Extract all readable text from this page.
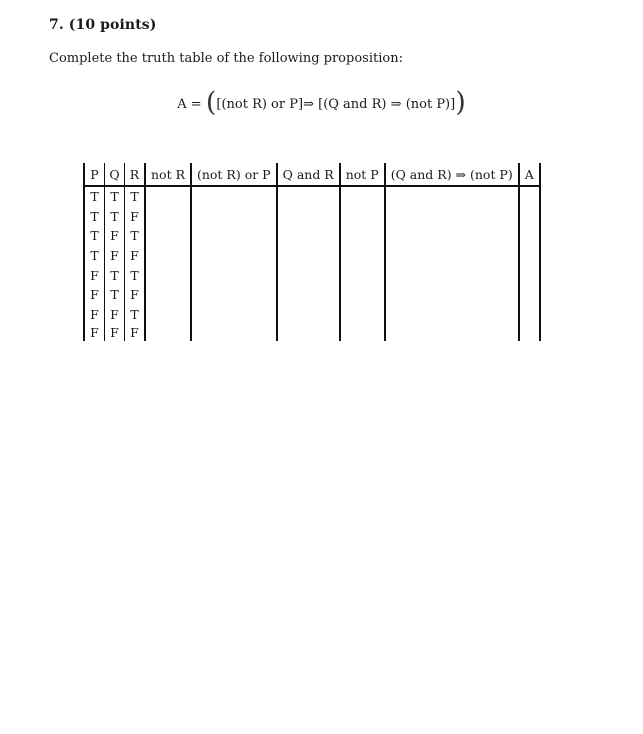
7. (10 points)
Complete the truth table of the following proposition:
A = ([(not R) or P]⇒ [(Q and R) ⇒ (not P)])
P	Q	R	not R	(not R) or P	Q and R	not P	(Q and R) ⇒ (not P)	A
T	T	T						
T	T	F						
T	F	T						
T	F	F						
F	T	T						
F	T	F						
F	F	T						
F	F	F						
